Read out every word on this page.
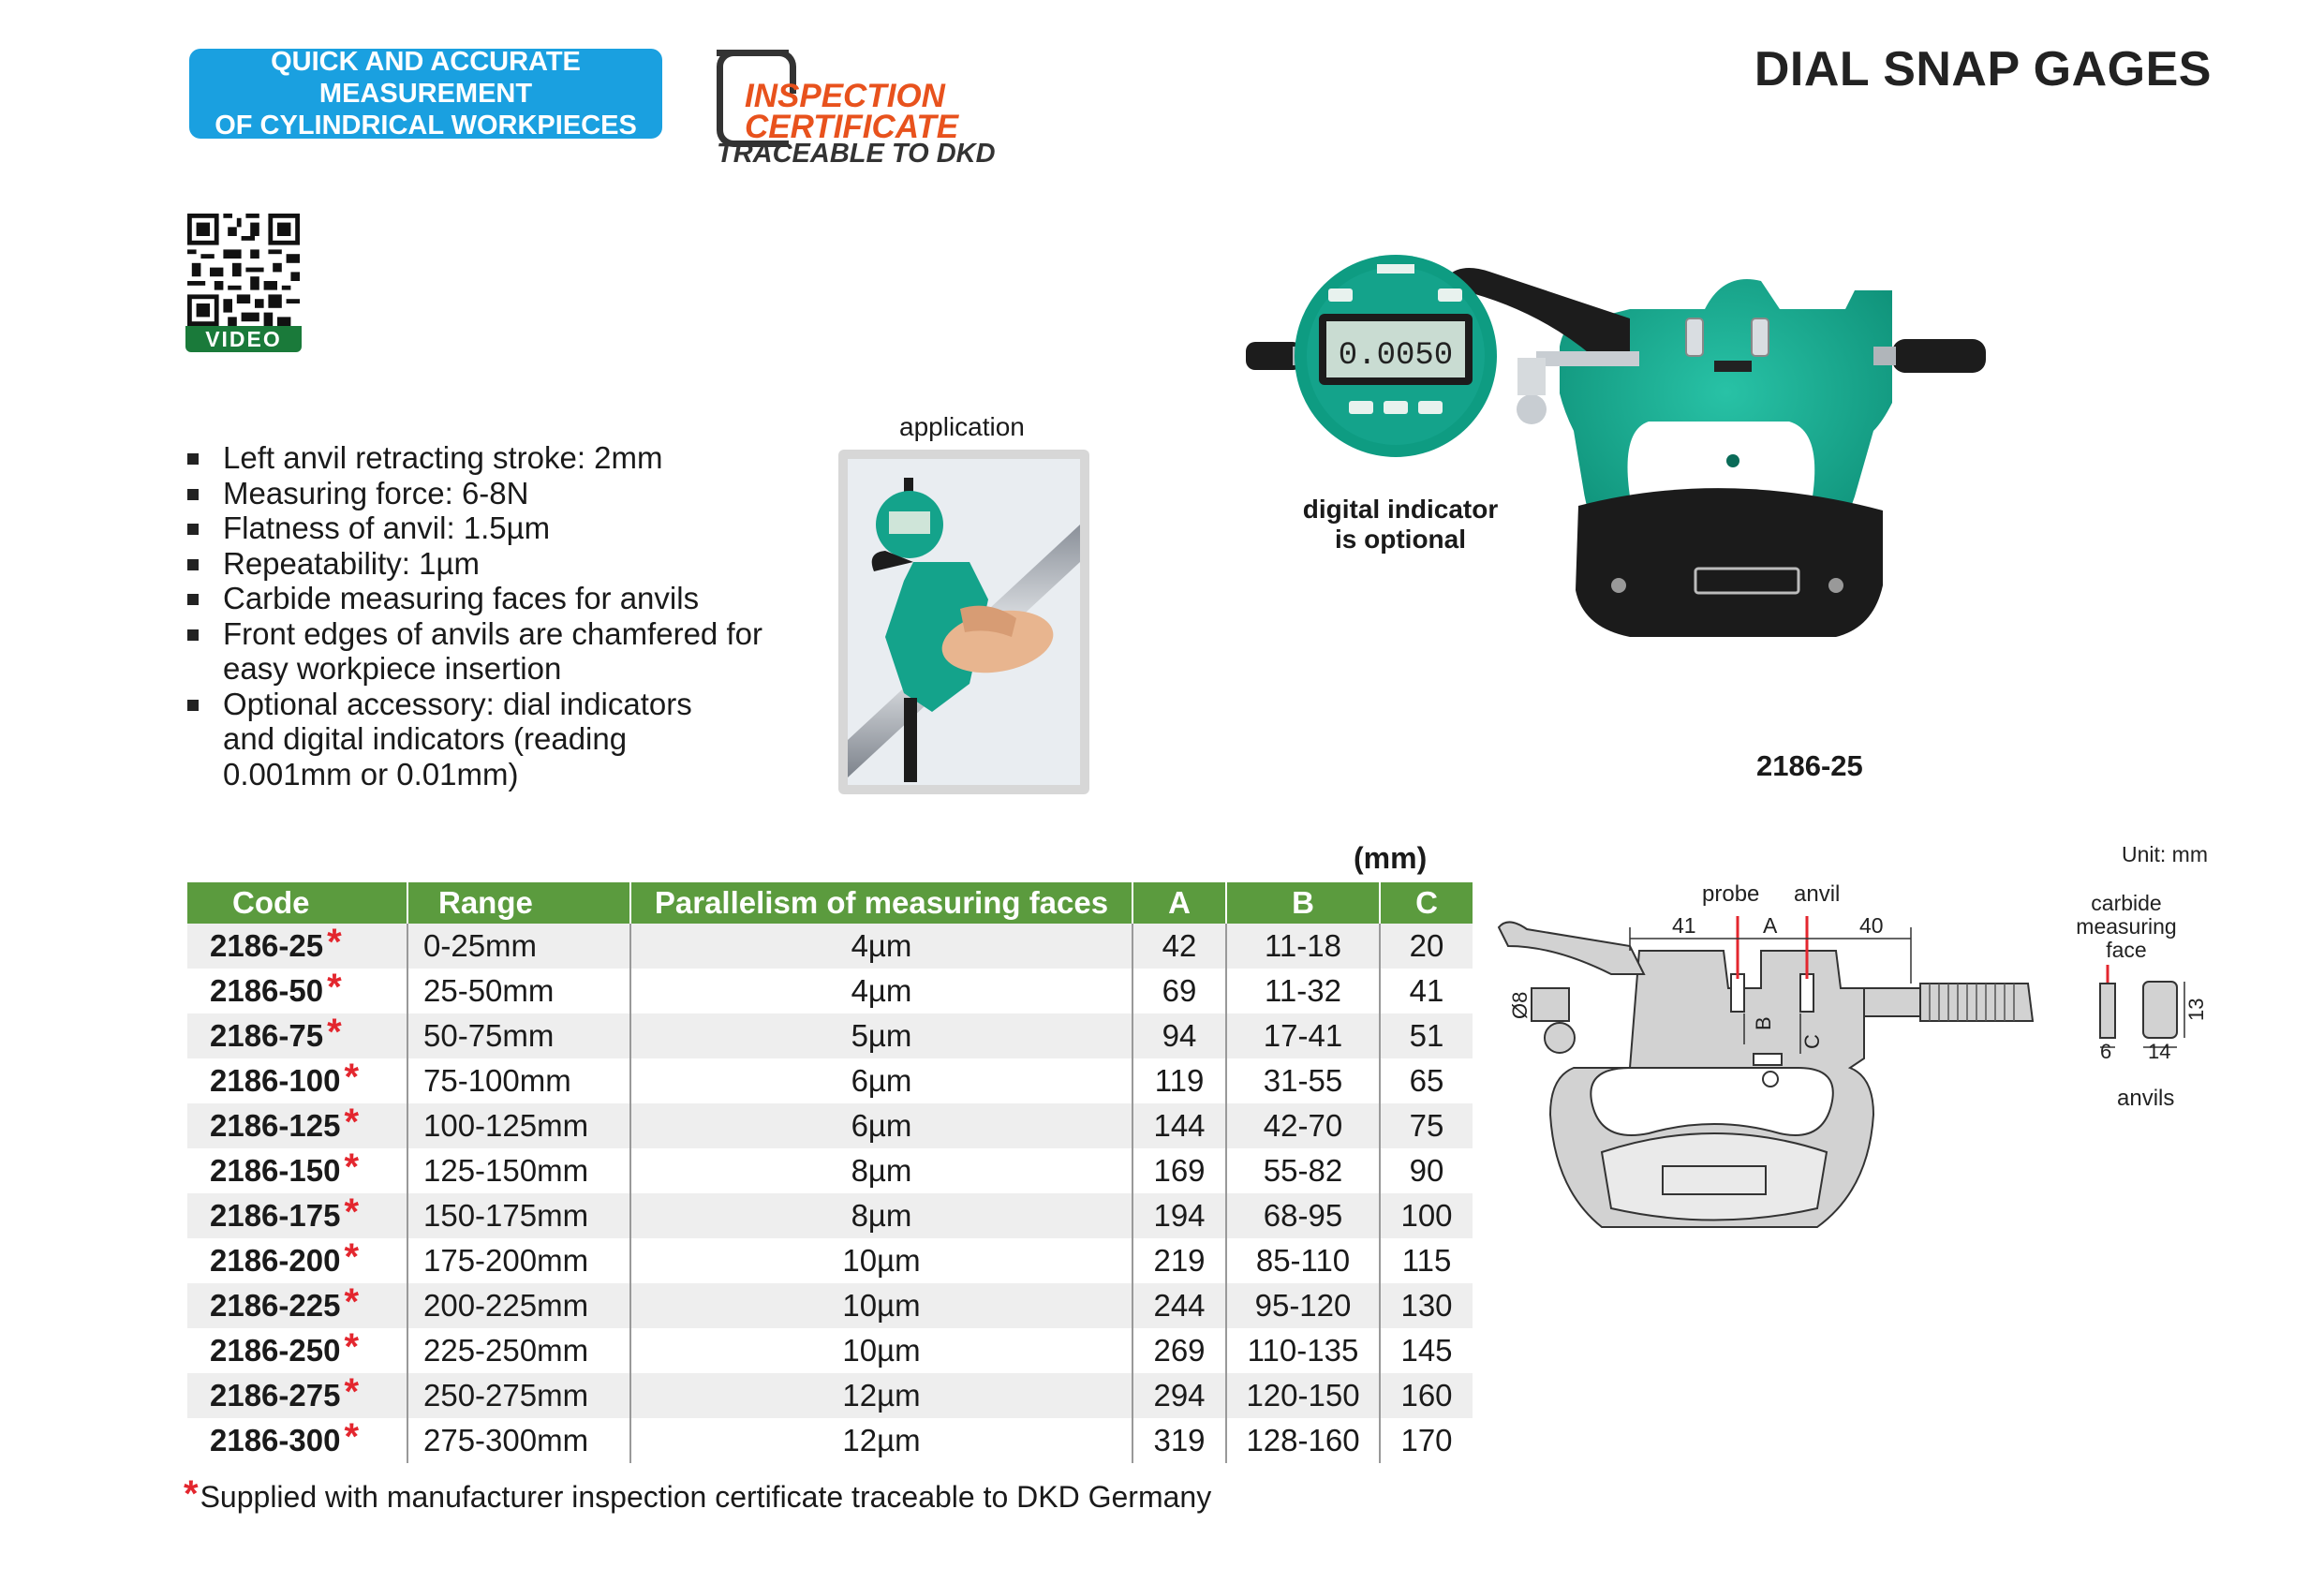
QUICK AND ACCURATE MEASUREMENT
OF CYLINDRICAL WORKPIECES
INSPECTION
CERTIFICATE
TRACEABLE TO DKD
DIAL SNAP GAGES
VIDEO
Left anvil retracting stroke: 2mm
Measuring force: 6-8N
Flatness of anvil: 1.5µm
Repeatability: 1µm
Carbide measuring faces for anvils
Front edges of anvils are chamfered for easy workpiece insertion
Optional accessory: dial indicators and digital indicators (reading 0.001mm or 0.01mm)
application
0.0050
digital indicator
is optional
2186-25
(mm)
Code	Range	Parallelism of measuring faces	A	B	C
2186-25 *	0-25mm	4µm	42	11-18	20
2186-50 *	25-50mm	4µm	69	11-32	41
2186-75 *	50-75mm	5µm	94	17-41	51
2186-100 *	75-100mm	6µm	119	31-55	65
2186-125 *	100-125mm	6µm	144	42-70	75
2186-150 *	125-150mm	8µm	169	55-82	90
2186-175 *	150-175mm	8µm	194	68-95	100
2186-200 *	175-200mm	10µm	219	85-110	115
2186-225 *	200-225mm	10µm	244	95-120	130
2186-250 *	225-250mm	10µm	269	110-135	145
2186-275 *	250-275mm	12µm	294	120-150	160
2186-300 *	275-300mm	12µm	319	128-160	170
*Supplied with manufacturer inspection certificate traceable to DKD Germany
Unit: mm
41	A	40
probe anvil
B
C
Ø8
carbide
measuring
face
6 14
13
anvils
